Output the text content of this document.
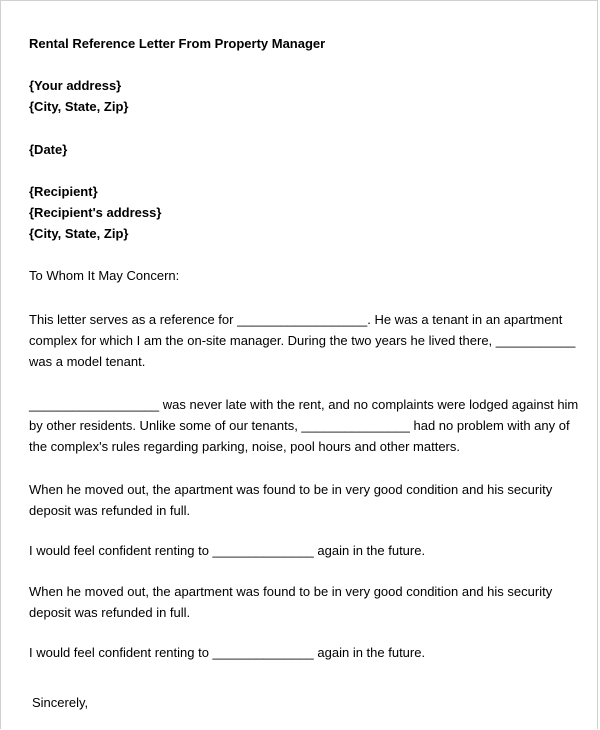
Rental Reference Letter From Property Manager
{Your address}
{City, State, Zip}
{Date}
{Recipient}
{Recipient's address}
{City, State, Zip}
To Whom It May Concern:
This letter serves as a reference for __________________. He was a tenant in an apartment complex for which I am the on-site manager. During the two years he lived there, ___________ was a model tenant.
__________________ was never late with the rent, and no complaints were lodged against him by other residents. Unlike some of our tenants, _______________ had no problem with any of the complex's rules regarding parking, noise, pool hours and other matters.
When he moved out, the apartment was found to be in very good condition and his security deposit was refunded in full.
I would feel confident renting to ______________ again in the future.
When he moved out, the apartment was found to be in very good condition and his security deposit was refunded in full.
I would feel confident renting to ______________ again in the future.
Sincerely,
